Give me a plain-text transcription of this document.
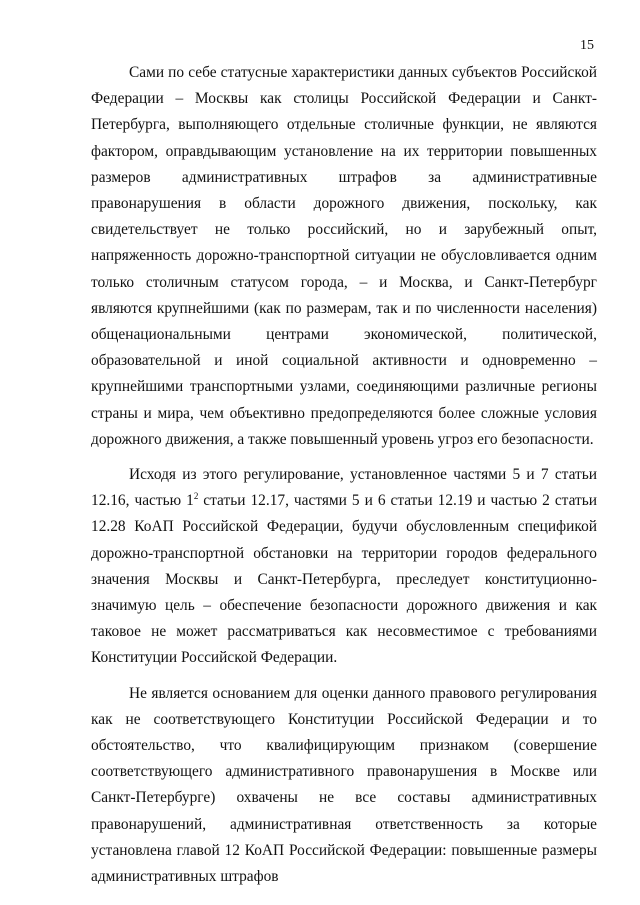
15

Сами по себе статусные характеристики данных субъектов Российской Федерации – Москвы как столицы Российской Федерации и Санкт-Петербурга, выполняющего отдельные столичные функции, не являются фактором, оправдывающим установление на их территории повышенных размеров административных штрафов за административные правонарушения в области дорожного движения, поскольку, как свидетельствует не только российский, но и зарубежный опыт, напряженность дорожно-транспортной ситуации не обусловливается одним только столичным статусом города, – и Москва, и Санкт-Петербург являются крупнейшими (как по размерам, так и по численности населения) общенациональными центрами экономической, политической, образовательной и иной социальной активности и одновременно – крупнейшими транспортными узлами, соединяющими различные регионы страны и мира, чем объективно предопределяются более сложные условия дорожного движения, а также повышенный уровень угроз его безопасности.

Исходя из этого регулирование, установленное частями 5 и 7 статьи 12.16, частью $1^2$ статьи 12.17, частями 5 и 6 статьи 12.19 и частью 2 статьи 12.28 КоАП Российской Федерации, будучи обусловленным спецификой дорожно-транспортной обстановки на территории городов федерального значения Москвы и Санкт-Петербурга, преследует конституционно-значимую цель – обеспечение безопасности дорожного движения и как таковое не может рассматриваться как несовместимое с требованиями Конституции Российской Федерации.

Не является основанием для оценки данного правового регулирования как не соответствующего Конституции Российской Федерации и то обстоятельство, что квалифицирующим признаком (совершение соответствующего административного правонарушения в Москве или Санкт-Петербурге) охвачены не все составы административных правонарушений, административная ответственность за которые установлена главой 12 КоАП Российской Федерации: повышенные размеры административных штрафов
